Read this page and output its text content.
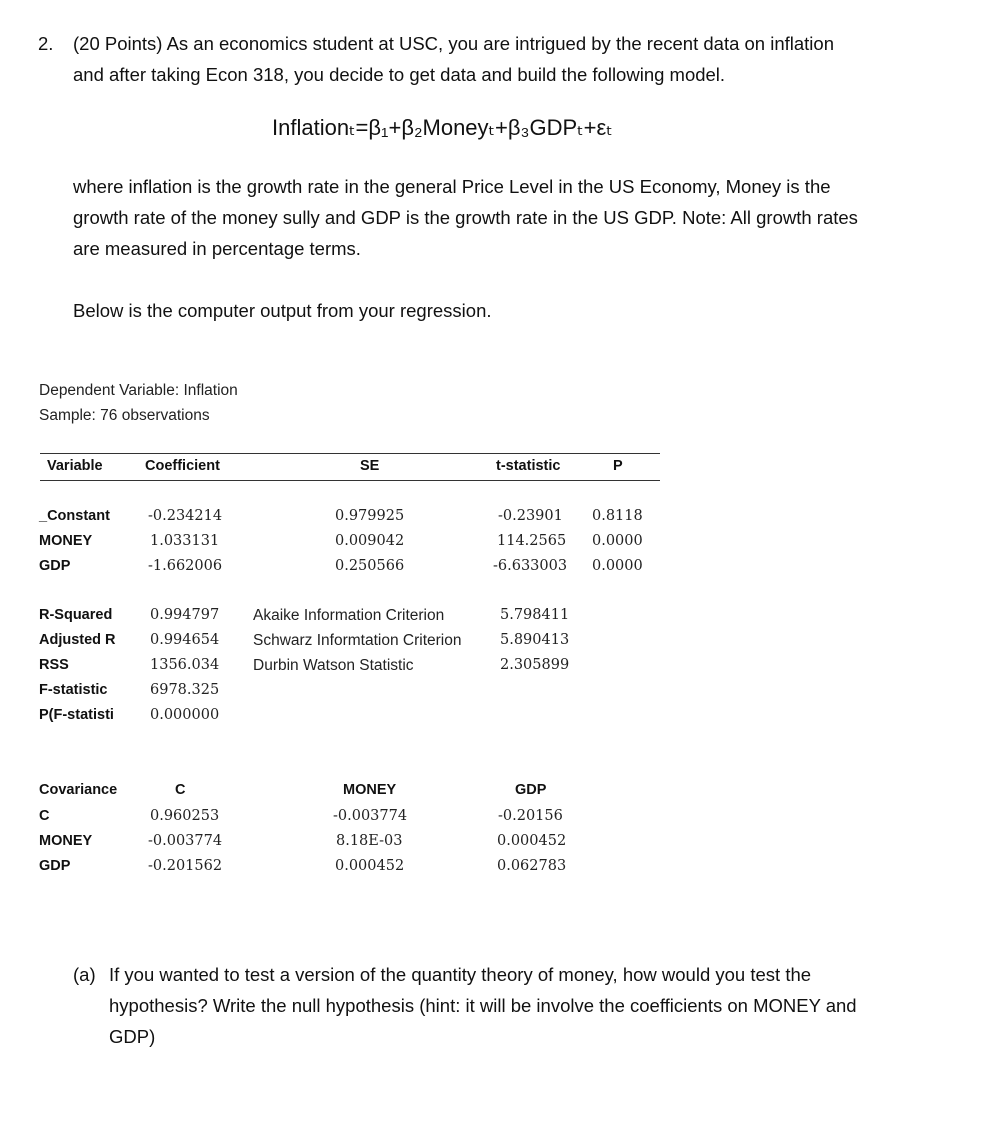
2. (20 Points) As an economics student at USC, you are intrigued by the recent data on inflation
and after taking Econ 318, you decide to get data and build the following model.
Inflationₜ=β₁+β₂Moneyₜ+β₃GDPₜ+εₜ
where inflation is the growth rate in the general Price Level in the US Economy, Money is the
growth rate of the money sully and GDP is the growth rate in the US GDP. Note: All growth rates
are measured in percentage terms.
Below is the computer output from your regression.
Dependent Variable: Inflation
Sample: 76 observations
Variable	Coefficient	SE	t-statistic	P
_Constant	-0.234214	0.979925	-0.23901 0.8118
MONEY	1.033131	0.009042	114.2565 0.0000
GDP	-1.662006	0.250566	-6.633003 0.0000
R-Squared	0.994797
Adjusted R 0.994654
RSS	1356.034
F-statistic	6978.325
P(F-statisti 0.000000
Akaike Information Criterion	5.798411
Schwarz Informtation Criterion	5.890413
Durbin Watson Statistic	2.305899
Covariance	C	MONEY	GDP
C	0.960253	-0.003774	-0.20156
MONEY	-0.003774	8.18E-03	0.000452
GDP	-0.201562	0.000452	0.062783
(a) If you wanted to test a version of the quantity theory of money, how would you test the
hypothesis? Write the null hypothesis (hint: it will be involve the coefficients on MONEY and
GDP)
